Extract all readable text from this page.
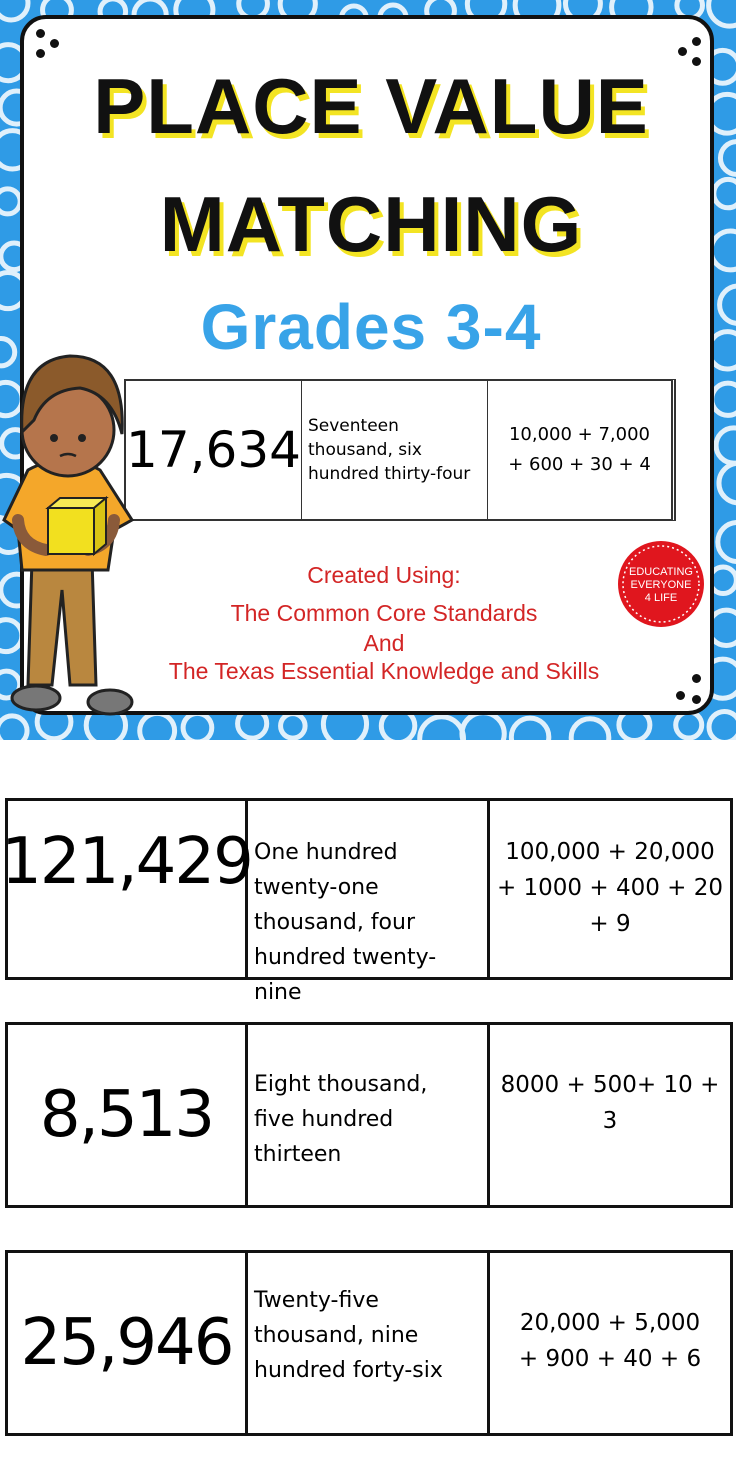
PLACE VALUE
MATCHING
Grades 3-4
17,634 Seventeen thousand, six hundred thirty-four
10,000 + 7,000 + 600 + 30 + 4
Created Using:
The Common Core Standards
And
The Texas Essential Knowledge and Skills
EDUCATING
EVERYONE
4 LIFE
121,429 One hundred twenty-one thousand, four hundred twenty-nine
100,000 + 20,000 + 1000 + 400 + 20 + 9
8,513	Eight thousand, five hundred thirteen
8000 + 500+ 10 + 3
25,946
Twenty-five thousand, nine hundred forty-six
20,000 + 5,000 + 900 + 40 + 6
